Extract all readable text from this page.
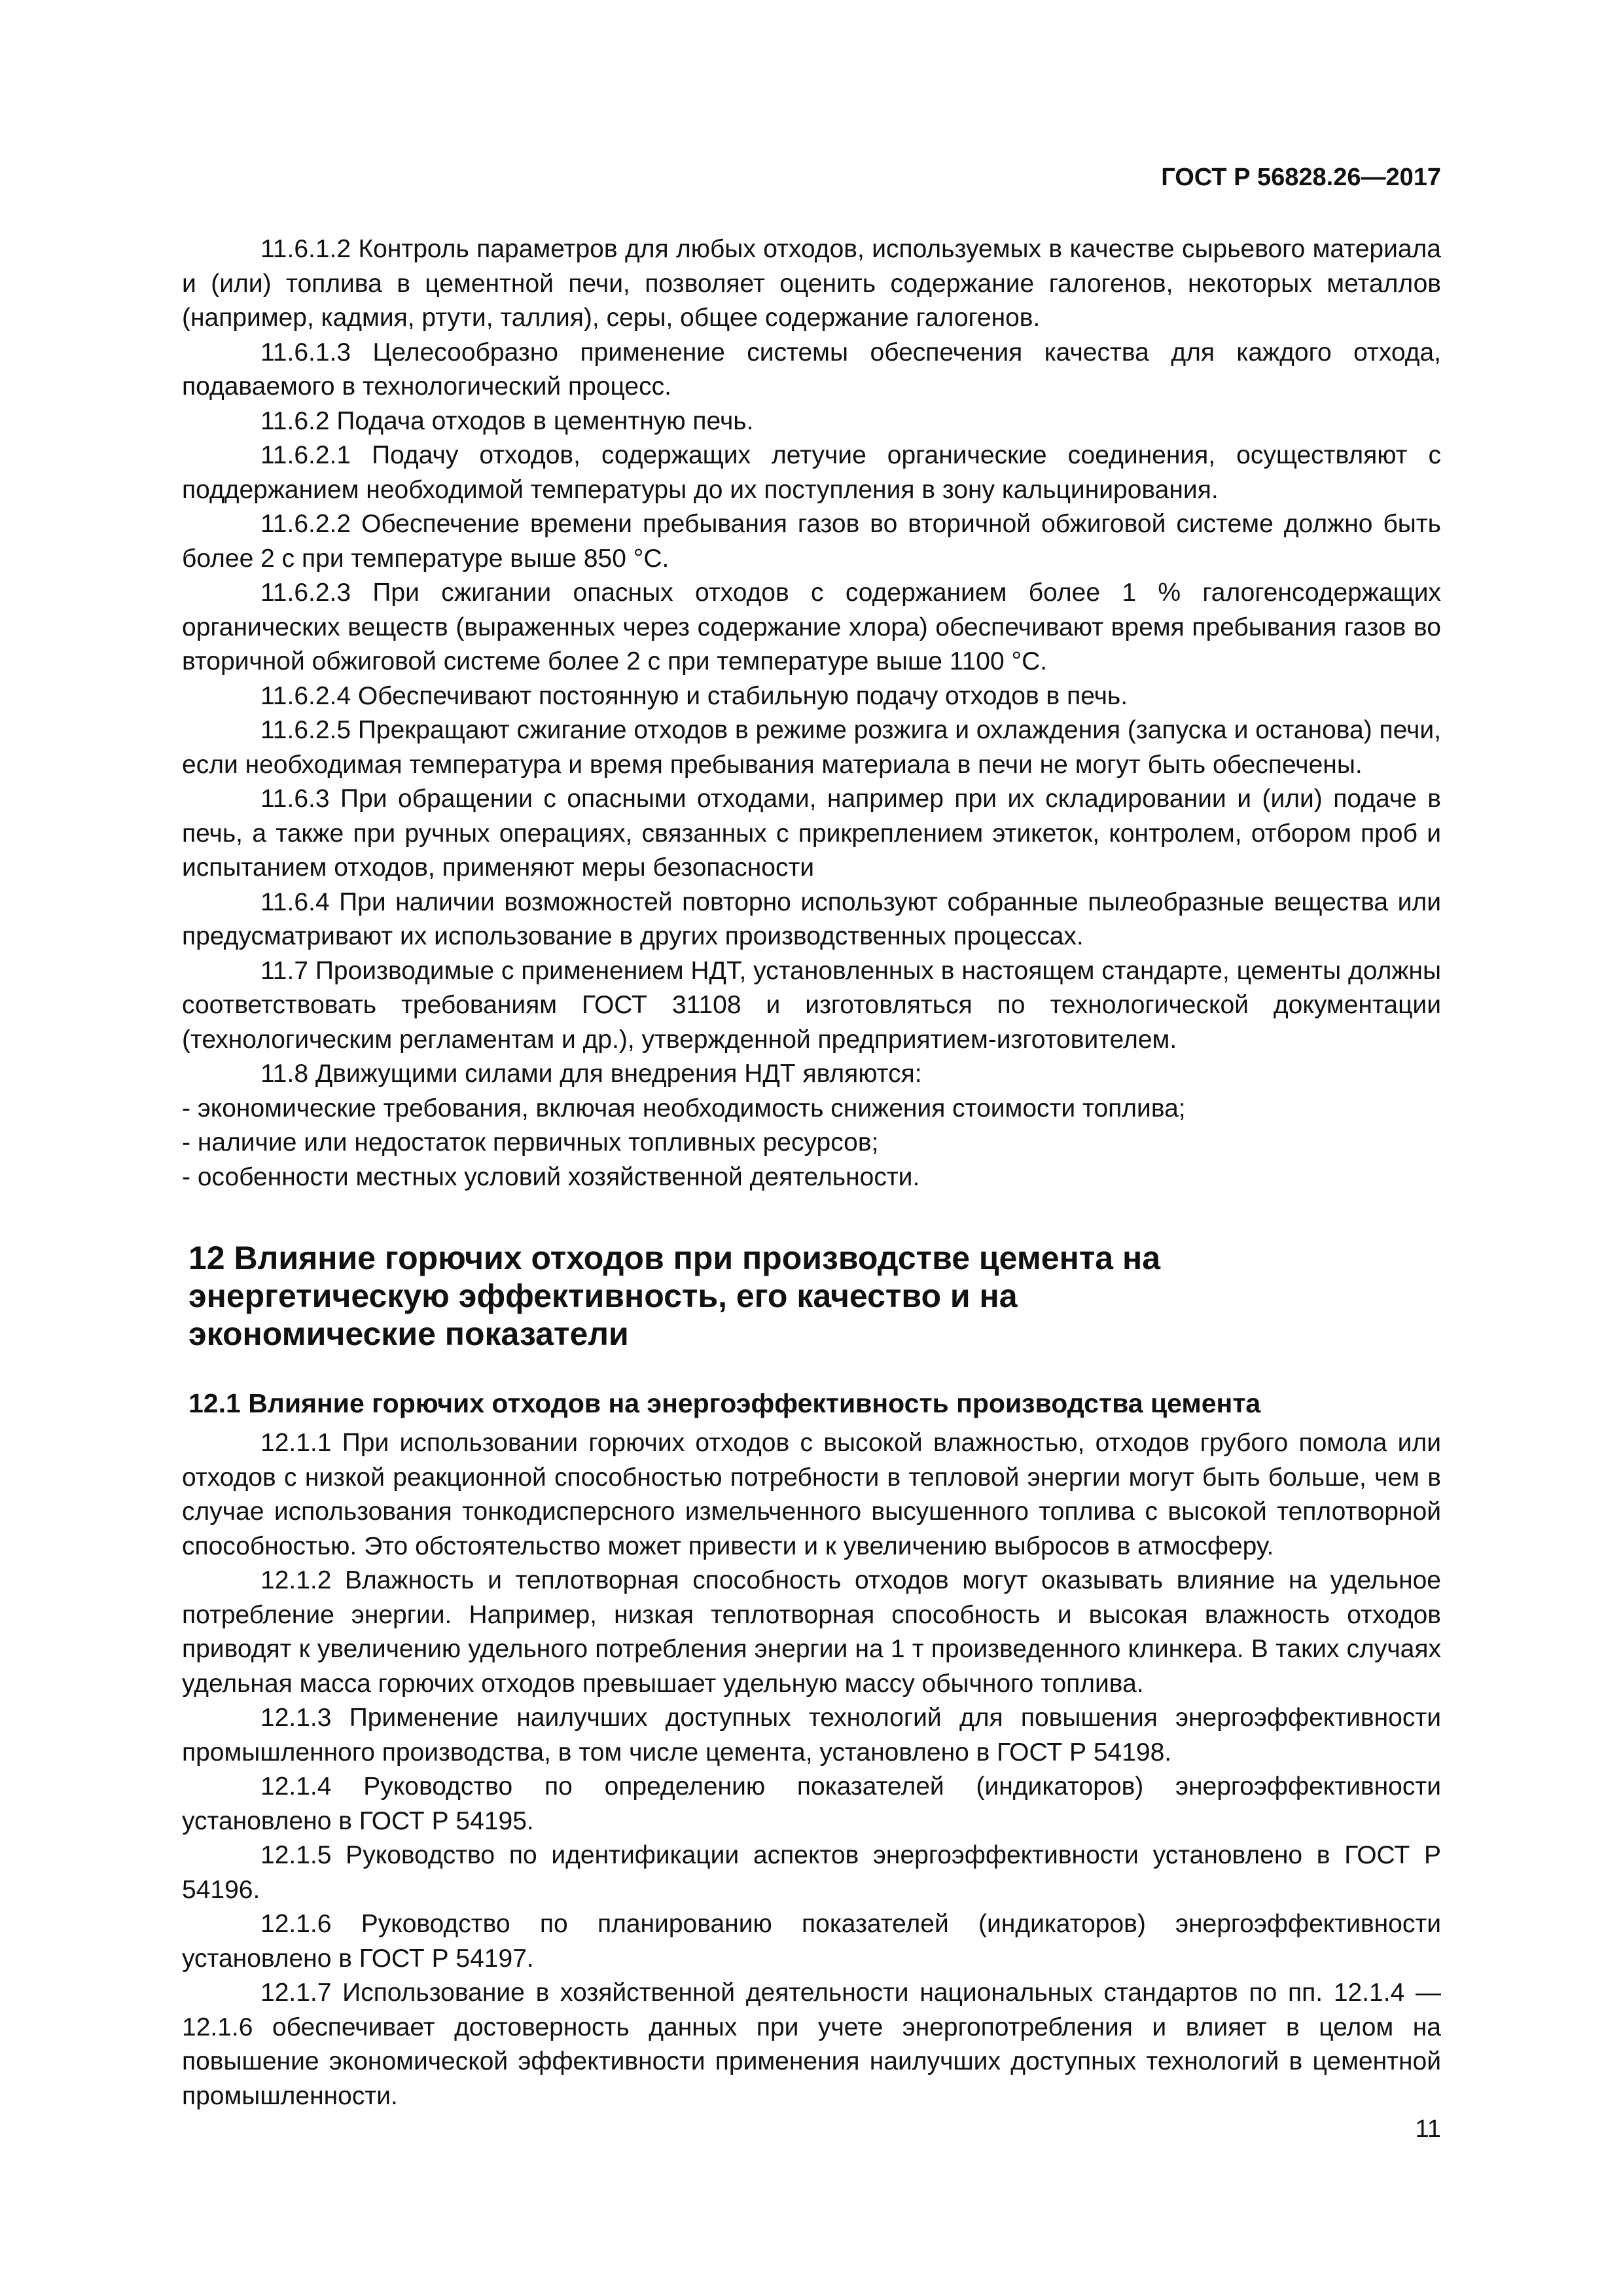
ГОСТ Р 56828.26—2017

11.6.1.2 Контроль параметров для любых отходов, используемых в качестве сырьевого материала и (или) топлива в цементной печи, позволяет оценить содержание галогенов, некоторых металлов (например, кадмия, ртути, таллия), серы, общее содержание галогенов.

11.6.1.3 Целесообразно применение системы обеспечения качества для каждого отхода, подаваемого в технологический процесс.

11.6.2 Подача отходов в цементную печь.

11.6.2.1 Подачу отходов, содержащих летучие органические соединения, осуществляют с поддержанием необходимой температуры до их поступления в зону кальцинирования.

11.6.2.2 Обеспечение времени пребывания газов во вторичной обжиговой системе должно быть более 2 с при температуре выше 850 °С.

11.6.2.3 При сжигании опасных отходов с содержанием более 1 % галогенсодержащих органических веществ (выраженных через содержание хлора) обеспечивают время пребывания газов во вторичной обжиговой системе более 2 с при температуре выше 1100 °С.

11.6.2.4 Обеспечивают постоянную и стабильную подачу отходов в печь.

11.6.2.5 Прекращают сжигание отходов в режиме розжига и охлаждения (запуска и останова) печи, если необходимая температура и время пребывания материала в печи не могут быть обеспечены.

11.6.3 При обращении с опасными отходами, например при их складировании и (или) подаче в печь, а также при ручных операциях, связанных с прикреплением этикеток, контролем, отбором проб и испытанием отходов, применяют меры безопасности

11.6.4 При наличии возможностей повторно используют собранные пылеобразные вещества или предусматривают их использование в других производственных процессах.

11.7 Производимые с применением НДТ, установленных в настоящем стандарте, цементы должны соответствовать требованиям ГОСТ 31108 и изготовляться по технологической документации (технологическим регламентам и др.), утвержденной предприятием-изготовителем.

11.8 Движущими силами для внедрения НДТ являются:

- экономические требования, включая необходимость снижения стоимости топлива;

- наличие или недостаток первичных топливных ресурсов;

- особенности местных условий хозяйственной деятельности.

12 Влияние горючих отходов при производстве цемента на энергетическую эффективность, его качество и на экономические показатели
12.1 Влияние горючих отходов на энергоэффективность производства цемента

12.1.1 При использовании горючих отходов с высокой влажностью, отходов грубого помола или отходов с низкой реакционной способностью потребности в тепловой энергии могут быть больше, чем в случае использования тонкодисперсного измельченного высушенного топлива с высокой теплотворной способностью. Это обстоятельство может привести и к увеличению выбросов в атмосферу.

12.1.2 Влажность и теплотворная способность отходов могут оказывать влияние на удельное потребление энергии. Например, низкая теплотворная способность и высокая влажность отходов приводят к увеличению удельного потребления энергии на 1 т произведенного клинкера. В таких случаях удельная масса горючих отходов превышает удельную массу обычного топлива.

12.1.3 Применение наилучших доступных технологий для повышения энергоэффективности промышленного производства, в том числе цемента, установлено в ГОСТ Р 54198.

12.1.4 Руководство по определению показателей (индикаторов) энергоэффективности установлено в ГОСТ Р 54195.

12.1.5 Руководство по идентификации аспектов энергоэффективности установлено в ГОСТ Р 54196.

12.1.6 Руководство по планированию показателей (индикаторов) энергоэффективности установлено в ГОСТ Р 54197.

12.1.7 Использование в хозяйственной деятельности национальных стандартов по пп. 12.1.4 — 12.1.6 обеспечивает достоверность данных при учете энергопотребления и влияет в целом на повышение экономической эффективности применения наилучших доступных технологий в цементной промышленности.

11
